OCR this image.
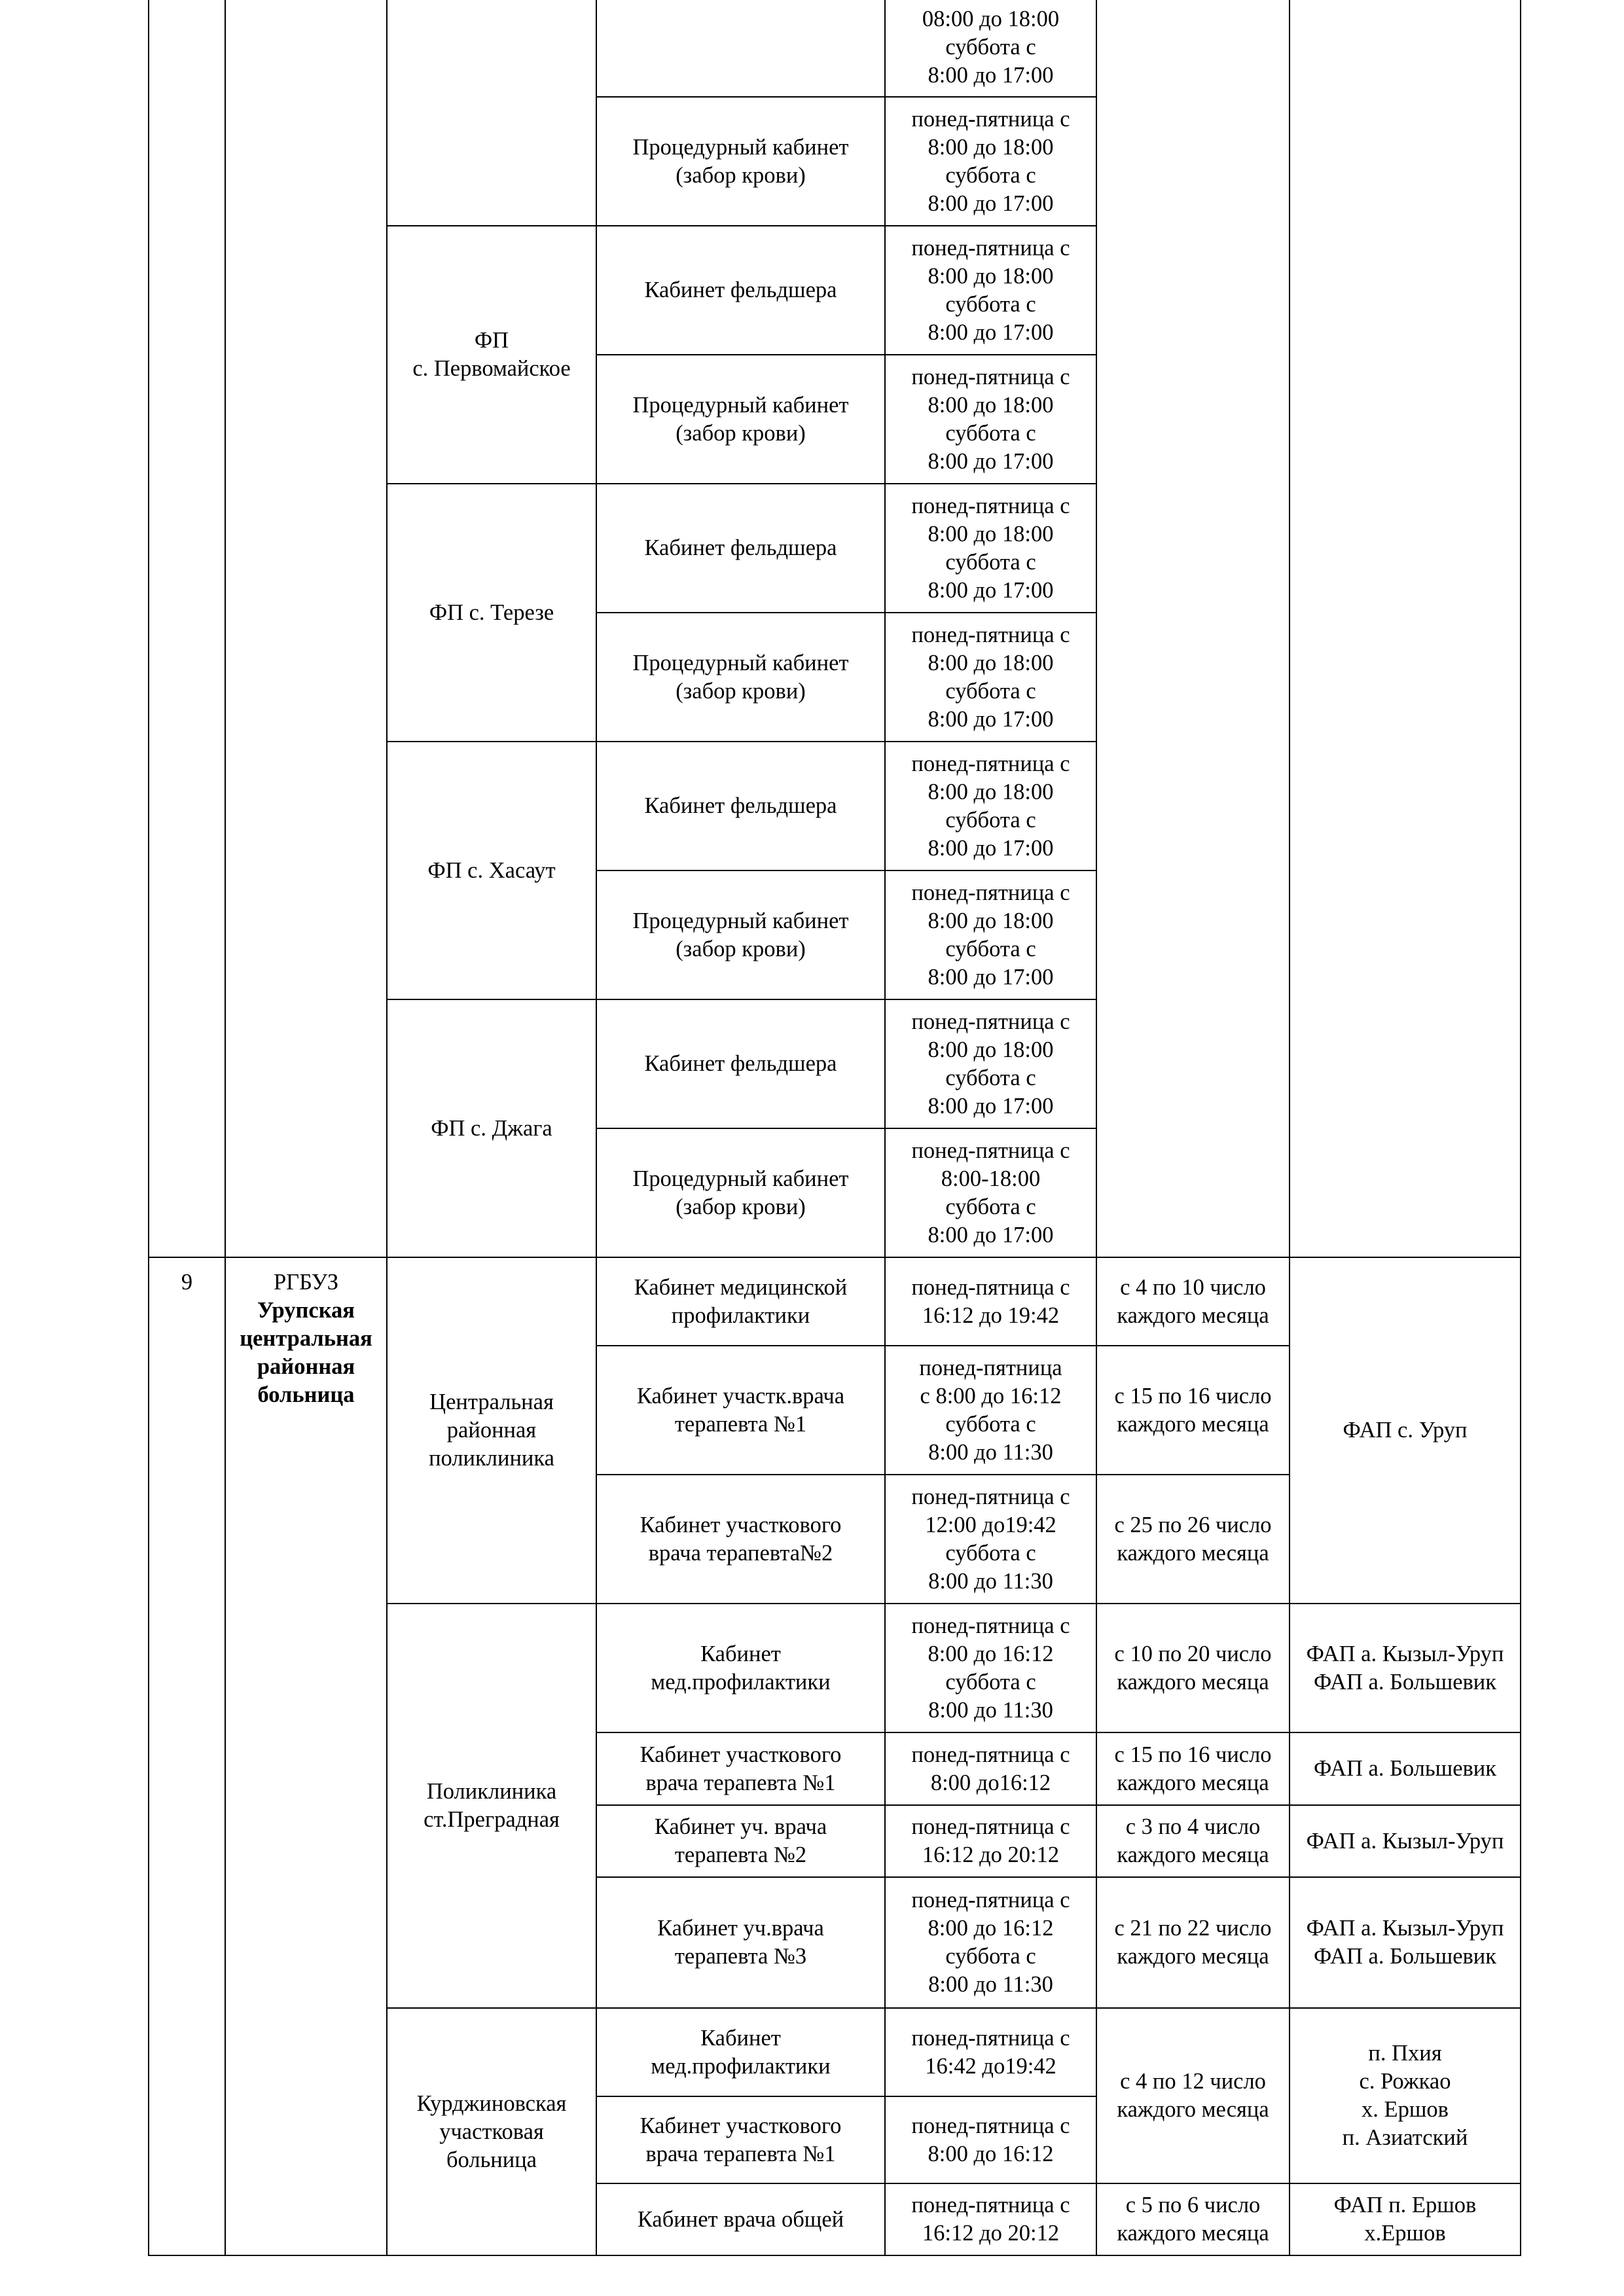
				08:00 до 18:00
суббота с
8:00 до 17:00		
			Процедурный кабинет
(забор крови)	понед-пятница с
8:00 до 18:00
суббота с
8:00 до 17:00		
		ФП
с. Первомайское	Кабинет фельдшера	понед-пятница с
8:00 до 18:00
суббота с
8:00 до 17:00		
			Процедурный кабинет
(забор крови)	понед-пятница с
8:00 до 18:00
суббота с
8:00 до 17:00		
		ФП с. Терезе	Кабинет фельдшера	понед-пятница с
8:00 до 18:00
суббота с
8:00 до 17:00		
			Процедурный кабинет
(забор крови)	понед-пятница с
8:00 до 18:00
суббота с
8:00 до 17:00		
		ФП с. Хасаут	Кабинет фельдшера	понед-пятница с
8:00 до 18:00
суббота с
8:00 до 17:00		
			Процедурный кабинет
(забор крови)	понед-пятница с
8:00 до 18:00
суббота с
8:00 до 17:00		
		ФП с. Джага	Кабинет фельдшера	понед-пятница с
8:00 до 18:00
суббота с
8:00 до 17:00		
			Процедурный кабинет
(забор крови)	понед-пятница с
8:00-18:00
суббота с
8:00 до 17:00		
9	РГБУЗ
Урупская
центральная
районная
больница	Центральная
районная
поликлиника	Кабинет медицинской
профилактики	понед-пятница с
16:12 до 19:42	с 4 по 10 число
каждого месяца	ФАП с. Уруп
			Кабинет участк.врача
терапевта №1	понед-пятница
с 8:00 до 16:12
суббота с
8:00 до 11:30	с 15 по 16 число
каждого месяца	
			Кабинет участкового
врача терапевта№2	понед-пятница с
12:00 до19:42
суббота с
8:00 до 11:30	с 25 по 26 число
каждого месяца	
		Поликлиника
ст.Преградная	Кабинет
мед.профилактики	понед-пятница с
8:00 до 16:12
суббота с
8:00 до 11:30	с 10 по 20 число
каждого месяца	ФАП а. Кызыл-Уруп
ФАП а. Большевик
			Кабинет участкового
врача терапевта №1	понед-пятница с
8:00 до16:12	с 15 по 16 число
каждого месяца	ФАП а. Большевик
			Кабинет уч. врача
терапевта №2	понед-пятница с
16:12 до 20:12	с 3 по 4 число
каждого месяца	ФАП а. Кызыл-Уруп
			Кабинет уч.врача
терапевта №3	понед-пятница с
8:00 до 16:12
суббота с
8:00 до 11:30	с 21 по 22 число
каждого месяца	ФАП а. Кызыл-Уруп
ФАП а. Большевик
		Курджиновская
участковая
больница	Кабинет
мед.профилактики	понед-пятница с
16:42 до19:42	с 4 по 12 число
каждого месяца	п. Пхия
с. Рожкао
х. Ершов
п. Азиатский
			Кабинет участкового
врача терапевта №1	понед-пятница с
8:00 до 16:12		
			Кабинет врача общей	понед-пятница с
16:12 до 20:12	с 5 по 6 число
каждого месяца	ФАП п. Ершов
х.Ершов
